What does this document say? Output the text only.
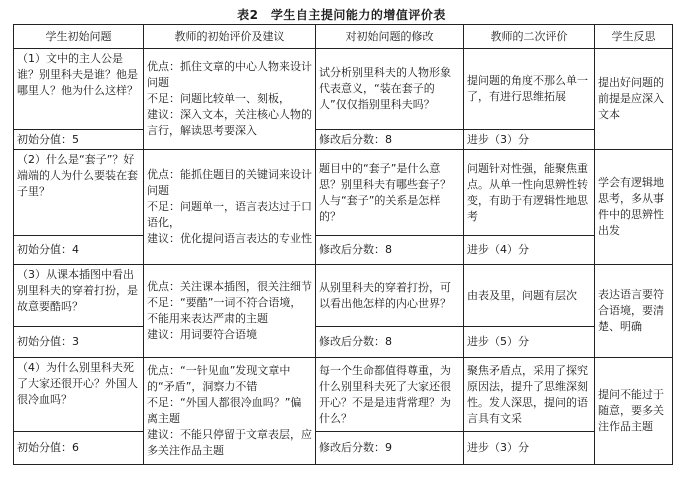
表2　学生自主提问能力的增值评价表
学生初始问题	教师的初始评价及建议	对初始问题的修改	教师的二次评价	学生反思
（1）文中的主人公是谁？别里科夫是谁？他是哪里人？他为什么这样？	优点：抓住文章的中心人物来设计问题
不足：问题比较单一、刻板，
建议：深入文本，关注核心人物的言行，解读思考要深入	试分析别里科夫的人物形象代表意义，“装在套子的人”仅仅指别里科夫吗？	提问题的角度不那么单一了，有进行思维拓展	提出好问题的前提是应深入文本
初始分值：5		修改后分数：8	进步（3）分	
（2）什么是“套子”？好端端的人为什么要装在套子里？	优点：能抓住题目的关键词来设计问题
不足：问题单一，语言表达过于口语化，
建议：优化提问语言表达的专业性	题目中的“套子”是什么意思？别里科夫有哪些套子？人与“套子”的关系是怎样的？	问题针对性强，能聚焦重点。从单一性向思辨性转变，有助于有逻辑性地思考	学会有逻辑地思考，多从事件中的思辨性出发
初始分值：4		修改后分数：8	进步（4）分	
（3）从课本插图中看出别里科夫的穿着打扮，是故意要酷吗？	优点：关注课本插图，很关注细节
不足：“要酷”一词不符合语境，不能用来表达严肃的主题
建议：用词要符合语境	从别里科夫的穿着打扮，可以看出他怎样的内心世界？	由表及里，问题有层次	表达语言要符合语境，要清楚、明确
初始分值：3		修改后分数：8	进步（5）分	
（4）为什么别里科夫死了大家还很开心？外国人很冷血吗？	优点：“一针见血”发现文章中的“矛盾”，洞察力不错
不足：“外国人都很冷血吗？”偏离主题
建议：不能只停留于文章表层，应多关注作品主题	每一个生命都值得尊重，为什么别里科夫死了大家还很开心？不是是违背常理？为什么？	聚焦矛盾点，采用了探究原因法，提升了思维深刻性。发人深思，提问的语言具有文采	提问不能过于随意，要多关注作品主题
初始分值：6		修改后分数：9	进步（3）分	
